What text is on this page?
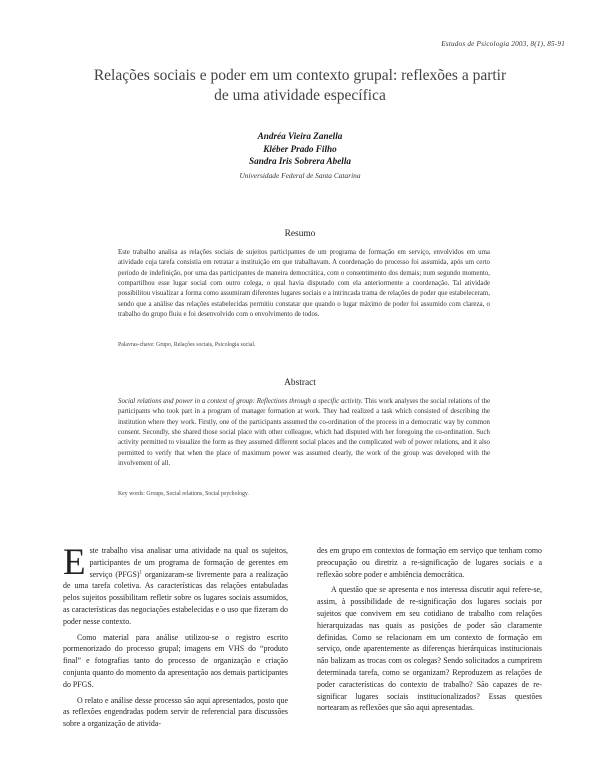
Estudos de Psicologia 2003, 8(1), 85-91
Relações sociais e poder em um contexto grupal: reflexões a partir
de uma atividade específica
Andréa Vieira Zanella
Kléber Prado Filho
Sandra Iris Sobrera Abella
Universidade Federal de Santa Catarina
Resumo
Este trabalho analisa as relações sociais de sujeitos participantes de um programa de formação em serviço, envolvidos em uma atividade cuja tarefa consistia em retratar a instituição em que trabalhavam. A coordenação do processo foi assumida, após um certo período de indefinição, por uma das participantes de maneira democrática, com o consentimento dos demais; num segundo momento, compartilhou esse lugar social com outro colega, o qual havia disputado com ela anteriormente a coordenação. Tal atividade possibilitou visualizar a forma como assumiram diferentes lugares sociais e a intrincada trama de relações de poder que estabeleceram, sendo que a análise das relações estabelecidas permitiu constatar que quando o lugar máximo de poder foi assumido com clareza, o trabalho do grupo fluiu e foi desenvolvido com o envolvimento de todos.
Palavras-chave: Grupo, Relações sociais, Psicologia social.
Abstract
Social relations and power in a context of group: Reflections through a specific activity. This work analyses the social relations of the participants who took part in a program of manager formation at work. They had realized a task which consisted of describing the institution where they work. Firstly, one of the participants assumed the co-ordination of the process in a democratic way by common consent. Secondly, she shared those social place with other colleague, which had disputed with her foregoing the co-ordination. Such activity permitted to visualize the form as they assumed different social places and the complicated web of power relations, and it also permitted to verify that when the place of maximum power was assumed clearly, the work of the group was developed with the involvement of all.
Key words: Groups, Social relations, Social psychology.

Este trabalho visa analisar uma atividade na qual os sujeitos, participantes de um programa de formação de gerentes em serviço (PFGS)$^1$ organizaram-se livremente para a realização de uma tarefa coletiva. As características das relações entabuladas pelos sujeitos possibilitam refletir sobre os lugares sociais assumidos, as características das negociações estabelecidas e o uso que fizeram do poder nesse contexto.

Como material para análise utilizou-se o registro escrito pormenorizado do processo grupal; imagens em VHS do “produto final” e fotografias tanto do processo de organização e criação conjunta quanto do momento da apresentação aos demais participantes do PFGS.

O relato e análise desse processo são aqui apresentados, posto que as reflexões engendradas podem servir de referencial para discussões sobre a organização de ativida-

des em grupo em contextos de formação em serviço que tenham como preocupação ou diretriz a re-significação de lugares sociais e a reflexão sobre poder e ambiência democrática.

A questão que se apresenta e nos interessa discutir aqui refere-se, assim, à possibilidade de re-significação dos lugares sociais por sujeitos que convivem em seu cotidiano de trabalho com relações hierarquizadas nas quais as posições de poder são claramente definidas. Como se relacionam em um contexto de formação em serviço, onde aparentemente as diferenças hierárquicas institucionais não balizam as trocas com os colegas? Sendo solicitados a cumprirem determinada tarefa, como se organizam? Reproduzem as relações de poder características do contexto de trabalho? São capazes de re-significar lugares sociais institucionalizados? Essas questões nortearam as reflexões que são aqui apresentadas.
